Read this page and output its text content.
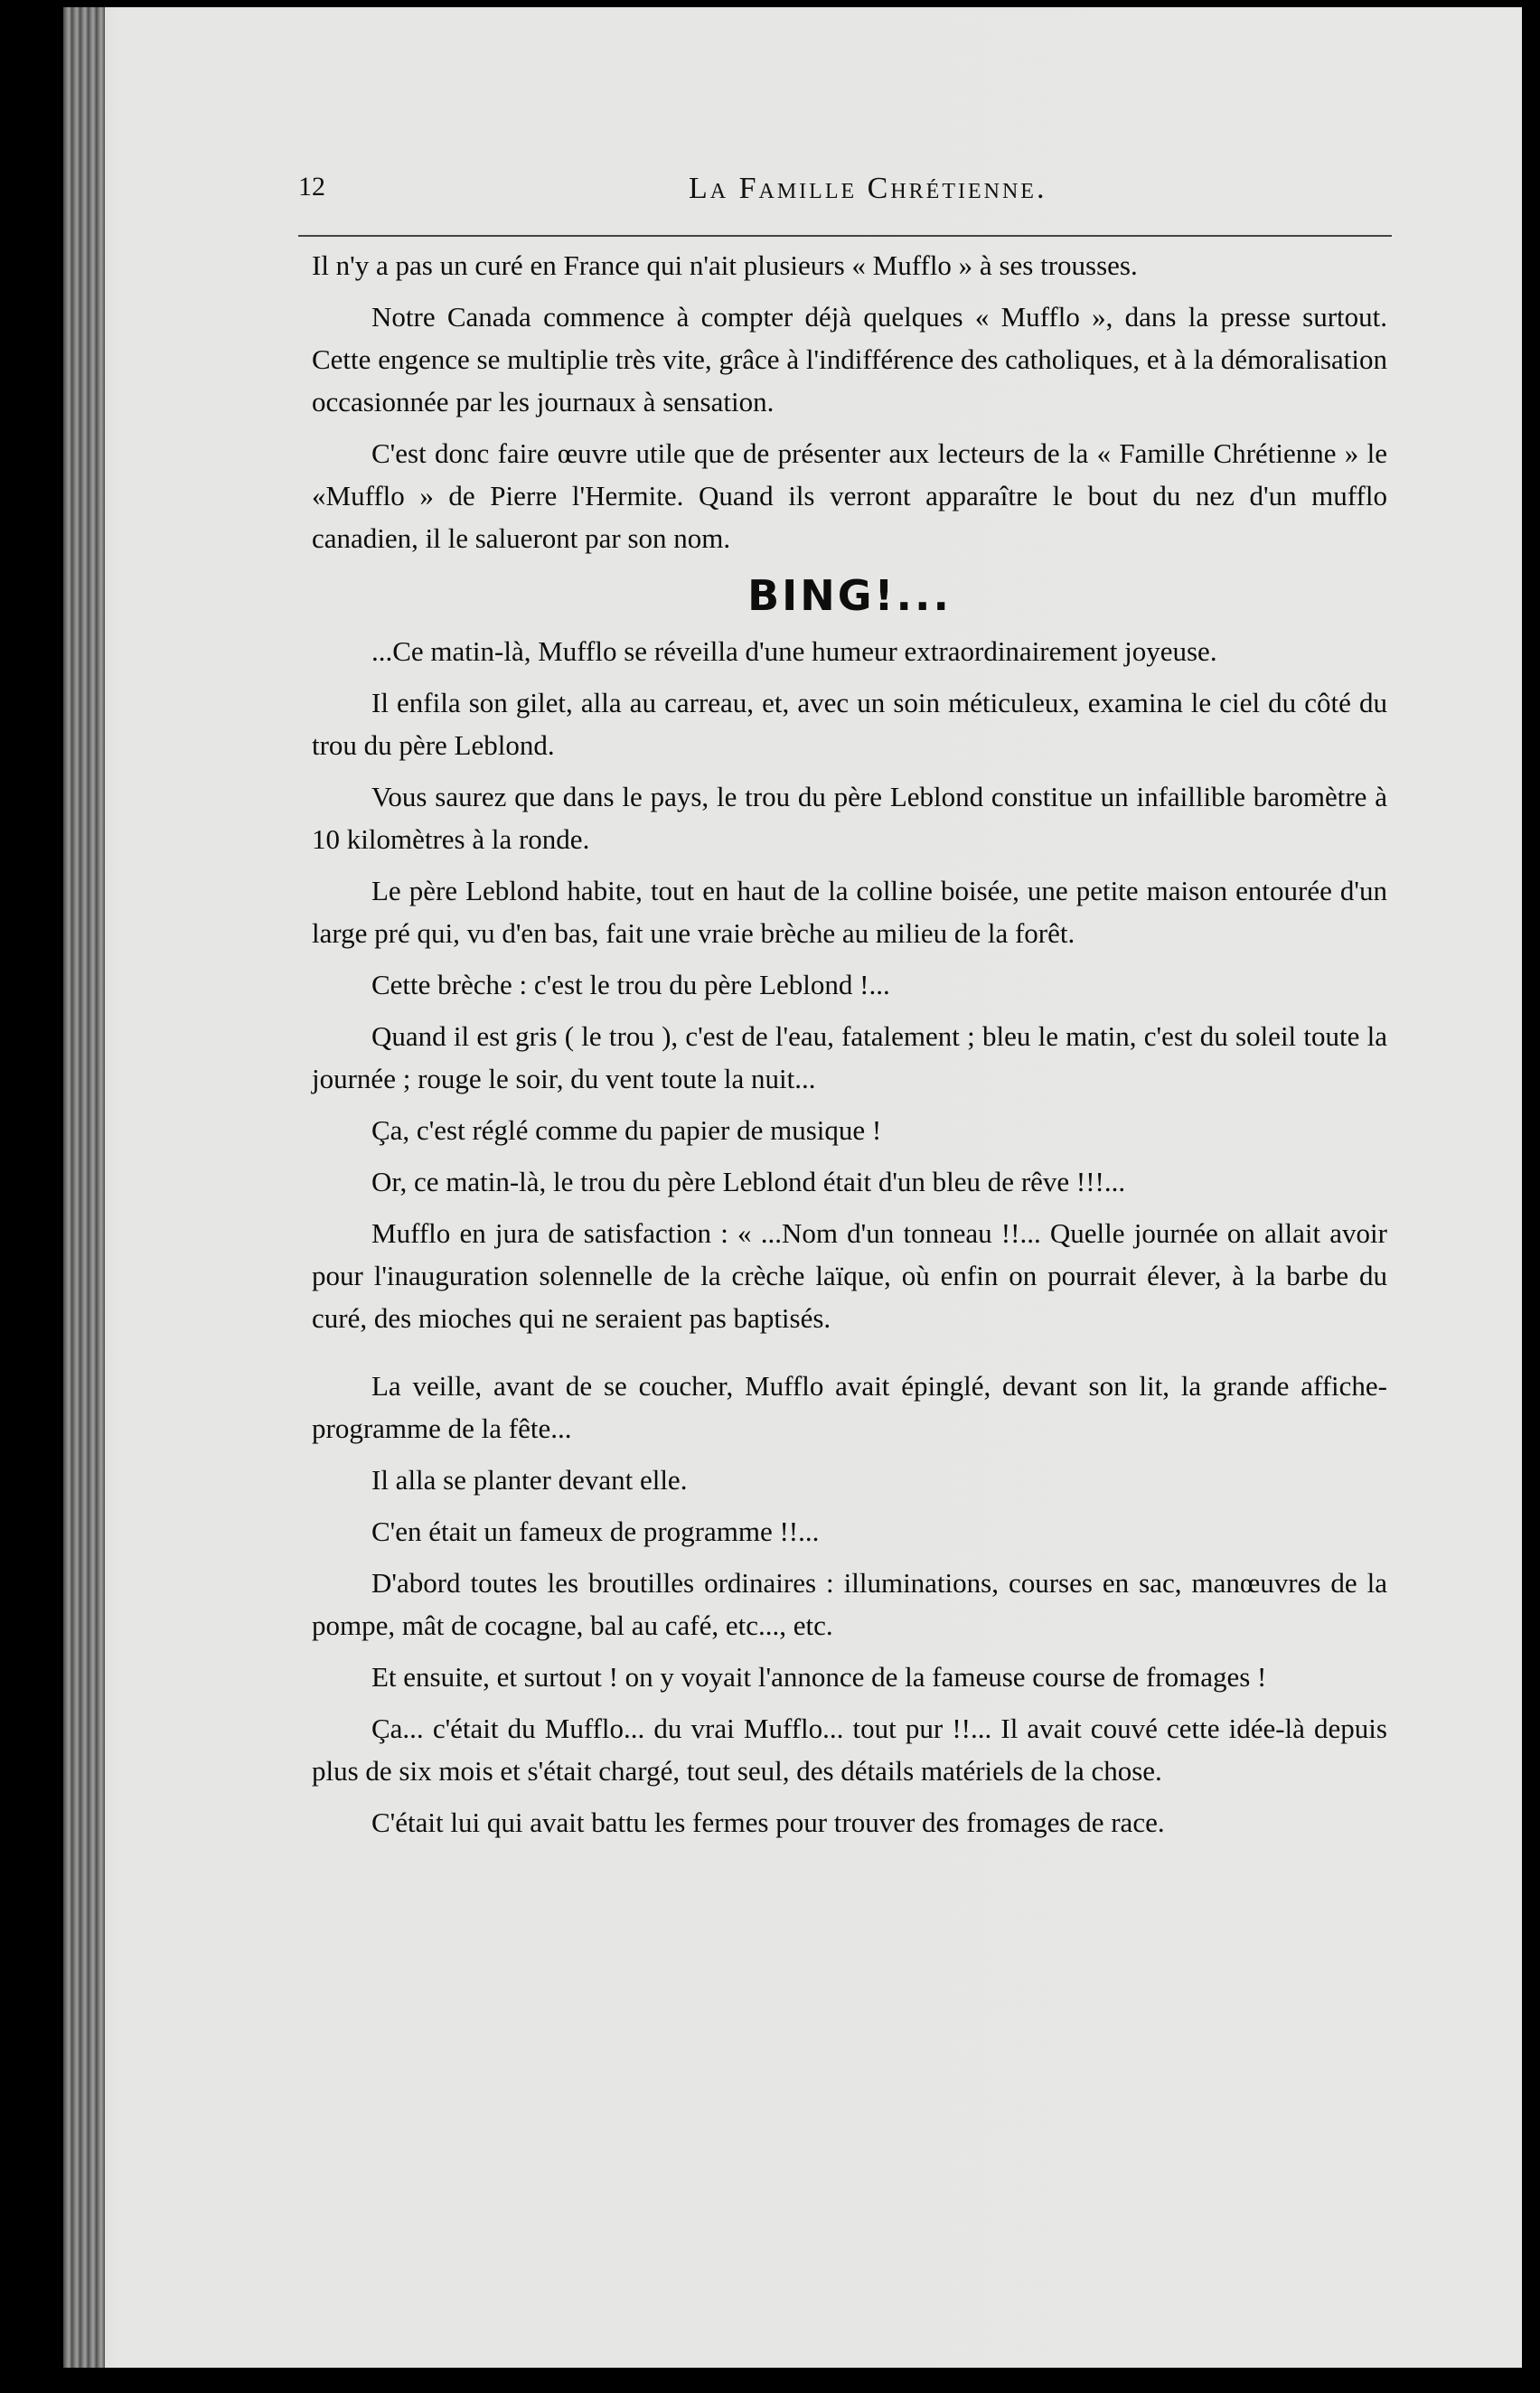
12	La Famille Chrétienne.

Il n'y a pas un curé en France qui n'ait plusieurs « Mufflo » à ses trousses.

Notre Canada commence à compter déjà quelques « Mufflo », dans la presse surtout. Cette engence se multiplie très vite, grâce à l'indifférence des catholiques, et à la démoralisation occasionnée par les journaux à sensation.

C'est donc faire œuvre utile que de présenter aux lecteurs de la « Famille Chrétienne » le «Mufflo » de Pierre l'Hermite. Quand ils verront apparaître le bout du nez d'un mufflo canadien, il le salueront par son nom.

BING!...

...Ce matin-là, Mufflo se réveilla d'une humeur extraordinairement joyeuse.

Il enfila son gilet, alla au carreau, et, avec un soin méticuleux, examina le ciel du côté du trou du père Leblond.

Vous saurez que dans le pays, le trou du père Leblond constitue un infaillible baromètre à 10 kilomètres à la ronde.

Le père Leblond habite, tout en haut de la colline boisée, une petite maison entourée d'un large pré qui, vu d'en bas, fait une vraie brèche au milieu de la forêt.

Cette brèche : c'est le trou du père Leblond !...

Quand il est gris ( le trou ), c'est de l'eau, fatalement ; bleu le matin, c'est du soleil toute la journée ; rouge le soir, du vent toute la nuit...

Ça, c'est réglé comme du papier de musique !

Or, ce matin-là, le trou du père Leblond était d'un bleu de rêve !!!...

Mufflo en jura de satisfaction : « ...Nom d'un tonneau !!... Quelle journée on allait avoir pour l'inauguration solennelle de la crèche laïque, où enfin on pourrait élever, à la barbe du curé, des mioches qui ne seraient pas baptisés.

La veille, avant de se coucher, Mufflo avait épinglé, devant son lit, la grande affiche-programme de la fête...

Il alla se planter devant elle.

C'en était un fameux de programme !!...

D'abord toutes les broutilles ordinaires : illuminations, courses en sac, manœuvres de la pompe, mât de cocagne, bal au café, etc..., etc.

Et ensuite, et surtout ! on y voyait l'annonce de la fameuse course de fromages !

Ça... c'était du Mufflo... du vrai Mufflo... tout pur !!... Il avait couvé cette idée-là depuis plus de six mois et s'était chargé, tout seul, des détails matériels de la chose.

C'était lui qui avait battu les fermes pour trouver des fromages de race.
